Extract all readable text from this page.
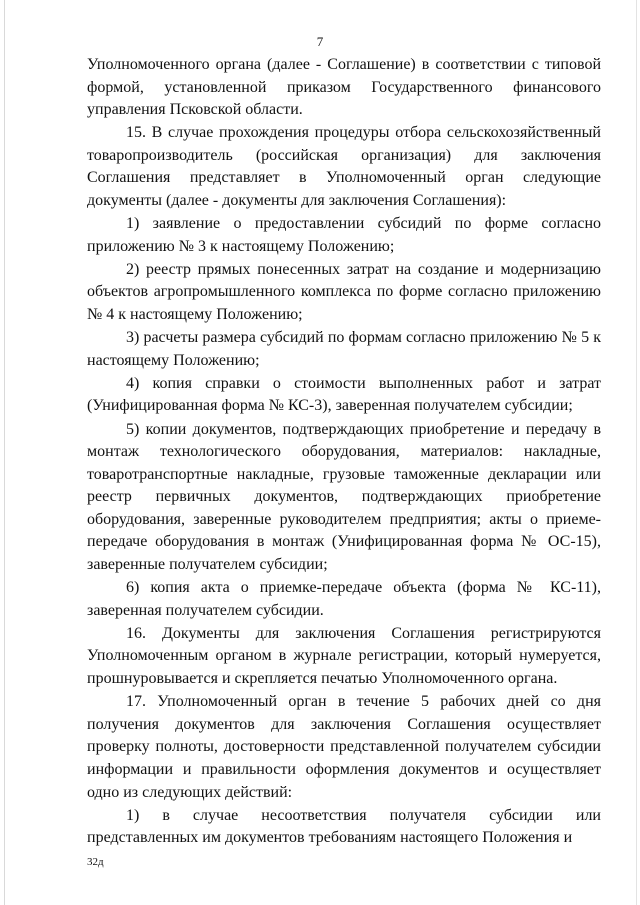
7

Уполномоченного органа (далее - Соглашение) в соответствии с типовой формой, установленной приказом Государственного финансового управления Псковской области.

15. В случае прохождения процедуры отбора сельскохозяйственный товаропроизводитель (российская организация) для заключения Соглашения представляет в Уполномоченный орган следующие документы (далее - документы для заключения Соглашения):

1) заявление о предоставлении субсидий по форме согласно приложению № 3 к настоящему Положению;

2) реестр прямых понесенных затрат на создание и модернизацию объектов агропромышленного комплекса по форме согласно приложению № 4 к настоящему Положению;

3) расчеты размера субсидий по формам согласно приложению № 5 к настоящему Положению;

4) копия справки о стоимости выполненных работ и затрат (Унифицированная форма № КС-3), заверенная получателем субсидии;

5) копии документов, подтверждающих приобретение и передачу в монтаж технологического оборудования, материалов: накладные, товаротранспортные накладные, грузовые таможенные декларации или реестр первичных документов, подтверждающих приобретение оборудования, заверенные руководителем предприятия; акты о приеме-передаче оборудования в монтаж (Унифицированная форма № ОС-15), заверенные получателем субсидии;

6) копия акта о приемке-передаче объекта (форма № КС-11), заверенная получателем субсидии.

16. Документы для заключения Соглашения регистрируются Уполномоченным органом в журнале регистрации, который нумеруется, прошнуровывается и скрепляется печатью Уполномоченного органа.

17. Уполномоченный орган в течение 5 рабочих дней со дня получения документов для заключения Соглашения осуществляет проверку полноты, достоверности представленной получателем субсидии информации и правильности оформления документов и осуществляет одно из следующих действий:

1) в случае несоответствия получателя субсидии или представленных им документов требованиям настоящего Положения и

32д
